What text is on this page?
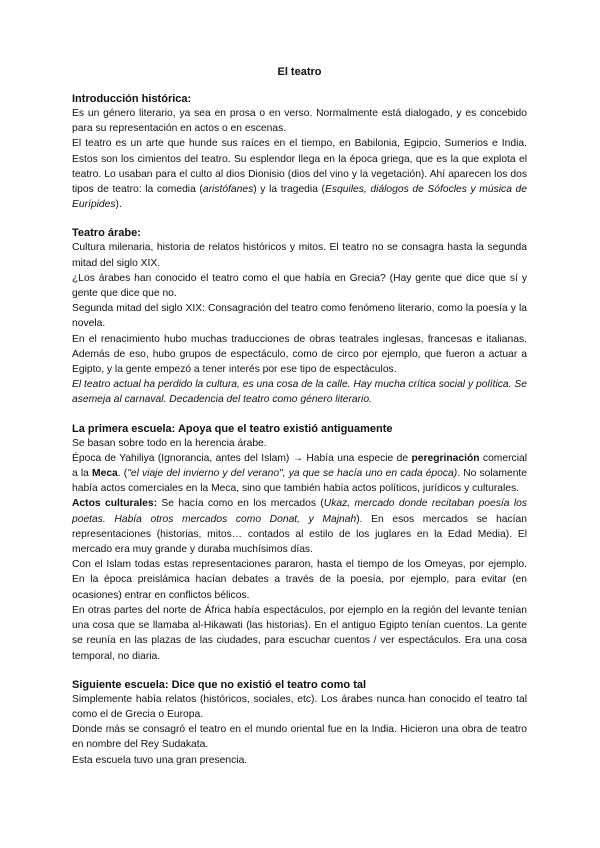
El teatro
Introducción histórica:

Es un género literario, ya sea en prosa o en verso. Normalmente está dialogado, y es concebido para su representación en actos o en escenas.

El teatro es un arte que hunde sus raíces en el tiempo, en Babilonia, Egipcio, Sumerios e India. Estos son los cimientos del teatro. Su esplendor llega en la época griega, que es la que explota el teatro. Lo usaban para el culto al dios Dionisio (dios del vino y la vegetación). Ahí aparecen los dos tipos de teatro: la comedia (aristófanes) y la tragedia (Esquiles, diálogos de Sófocles y música de Eurípides).

Teatro árabe:

Cultura milenaria, historia de relatos históricos y mitos. El teatro no se consagra hasta la segunda mitad del siglo XIX.

¿Los árabes han conocido el teatro como el que había en Grecia? (Hay gente que dice que sí y gente que dice que no.

Segunda mitad del siglo XIX: Consagración del teatro como fenómeno literario, como la poesía y la novela.

En el renacimiento hubo muchas traducciones de obras teatrales inglesas, francesas e italianas. Además de eso, hubo grupos de espectáculo, como de circo por ejemplo, que fueron a actuar a Egipto, y la gente empezó a tener interés por ese tipo de espectáculos.

El teatro actual ha perdido la cultura, es una cosa de la calle. Hay mucha crítica social y política. Se asemeja al carnaval. Decadencia del teatro como género literario.

La primera escuela: Apoya que el teatro existió antiguamente

Se basan sobre todo en la herencia árabe.

Época de Yahiliya (Ignorancia, antes del Islam) → Había una especie de peregrinación comercial a la Meca. ("el viaje del invierno y del verano", ya que se hacía uno en cada época). No solamente había actos comerciales en la Meca, sino que también había actos políticos, jurídicos y culturales.

Actos culturales: Se hacía como en los mercados (Ukaz, mercado donde recitaban poesía los poetas. Había otros mercados como Donat, y Majnah). En esos mercados se hacían representaciones (historias, mitos… contados al estilo de los juglares en la Edad Media). El mercado era muy grande y duraba muchísimos días.

Con el Islam todas estas representaciones pararon, hasta el tiempo de los Omeyas, por ejemplo. En la época preislámica hacían debates a través de la poesía, por ejemplo, para evitar (en ocasiones) entrar en conflictos bélicos.

En otras partes del norte de África había espectáculos, por ejemplo en la región del levante tenían una cosa que se llamaba al-Hikawati (las historias). En el antiguo Egipto tenían cuentos. La gente se reunía en las plazas de las ciudades, para escuchar cuentos / ver espectáculos. Era una cosa temporal, no diaria.

Siguiente escuela: Dice que no existió el teatro como tal

Simplemente había relatos (históricos, sociales, etc). Los árabes nunca han conocido el teatro tal como el de Grecia o Europa.

Donde más se consagró el teatro en el mundo oriental fue en la India. Hicieron una obra de teatro en nombre del Rey Sudakata.

Esta escuela tuvo una gran presencia.
